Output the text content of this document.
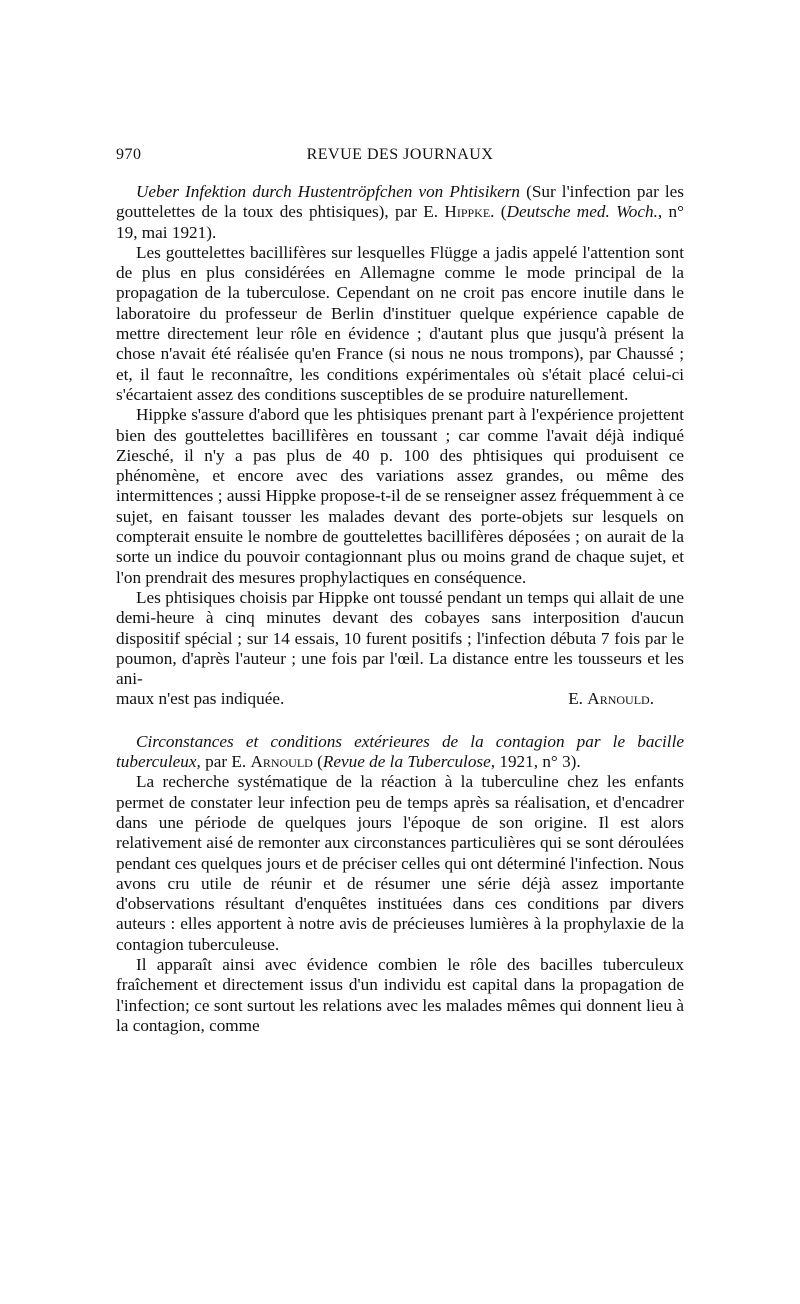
970	REVUE DES JOURNAUX

Ueber Infektion durch Hustentröpfchen von Phtisikern (Sur l'infection par les gouttelettes de la toux des phtisiques), par E. Hippke. (Deutsche med. Woch., n° 19, mai 1921).

Les gouttelettes bacillifères sur lesquelles Flügge a jadis appelé l'attention sont de plus en plus considérées en Allemagne comme le mode principal de la propagation de la tuberculose. Cependant on ne croit pas encore inutile dans le laboratoire du professeur de Berlin d'instituer quelque expérience capable de mettre directement leur rôle en évidence ; d'autant plus que jusqu'à présent la chose n'avait été réalisée qu'en France (si nous ne nous trompons), par Chaussé ; et, il faut le reconnaître, les conditions expérimentales où s'était placé celui-ci s'écartaient assez des conditions susceptibles de se produire naturellement.

Hippke s'assure d'abord que les phtisiques prenant part à l'expérience projettent bien des gouttelettes bacillifères en toussant ; car comme l'avait déjà indiqué Ziesché, il n'y a pas plus de 40 p. 100 des phtisiques qui produisent ce phénomène, et encore avec des variations assez grandes, ou même des intermittences ; aussi Hippke propose-t-il de se renseigner assez fréquemment à ce sujet, en faisant tousser les malades devant des porte-objets sur lesquels on compterait ensuite le nombre de gouttelettes bacillifères déposées ; on aurait de la sorte un indice du pouvoir contagionnant plus ou moins grand de chaque sujet, et l'on prendrait des mesures prophylactiques en conséquence.

Les phtisiques choisis par Hippke ont toussé pendant un temps qui allait de une demi-heure à cinq minutes devant des cobayes sans interposition d'aucun dispositif spécial ; sur 14 essais, 10 furent positifs ; l'infection débuta 7 fois par le poumon, d'après l'auteur ; une fois par l'œil. La distance entre les tousseurs et les ani-

maux n'est pas indiquée.	E. Arnould.

Circonstances et conditions extérieures de la contagion par le bacille tuberculeux, par E. Arnould (Revue de la Tuberculose, 1921, n° 3).

La recherche systématique de la réaction à la tuberculine chez les enfants permet de constater leur infection peu de temps après sa réalisation, et d'encadrer dans une période de quelques jours l'époque de son origine. Il est alors relativement aisé de remonter aux circonstances particulières qui se sont déroulées pendant ces quelques jours et de préciser celles qui ont déterminé l'infection. Nous avons cru utile de réunir et de résumer une série déjà assez importante d'observations résultant d'enquêtes instituées dans ces conditions par divers auteurs : elles apportent à notre avis de précieuses lumières à la prophylaxie de la contagion tuberculeuse.

Il apparaît ainsi avec évidence combien le rôle des bacilles tuberculeux fraîchement et directement issus d'un individu est capital dans la propagation de l'infection; ce sont surtout les relations avec les malades mêmes qui donnent lieu à la contagion, comme
